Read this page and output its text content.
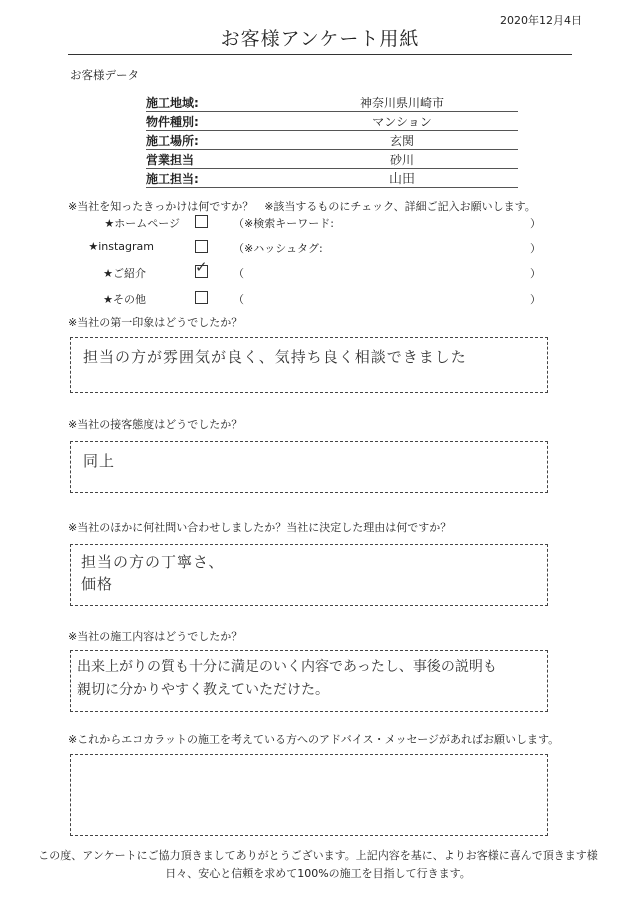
2020年12月4日
お客様アンケート用紙
お客様データ
施工地域:	神奈川県川崎市
物件種別:	マンション
施工場所:	玄関
営業担当	砂川
施工担当:	山田
※当社を知ったきっかけは何ですか？　※該当するものにチェック、詳細ご記入お願いします。
★ホームページ	（※検索キーワード:	）
★instagram	（※ハッシュタグ:	）
★ご紹介	✓ （	）
★その他	（	）
※当社の第一印象はどうでしたか？
担当の方が雰囲気が良く、気持ち良く相談できました
※当社の接客態度はどうでしたか？
同上
※当社のほかに何社問い合わせしましたか？当社に決定した理由は何ですか？
担当の方の丁寧さ、
価格
※当社の施工内容はどうでしたか？
出来上がりの質も十分に満足のいく内容であったし、事後の説明も
親切に分かりやすく教えていただけた。
※これからエコカラットの施工を考えている方へのアドバイス・メッセージがあればお願いします。
この度、アンケートにご協力頂きましてありがとうございます。上記内容を基に、よりお客様に喜んで頂きます様
日々、安心と信頼を求めて100%の施工を目指して行きます。
